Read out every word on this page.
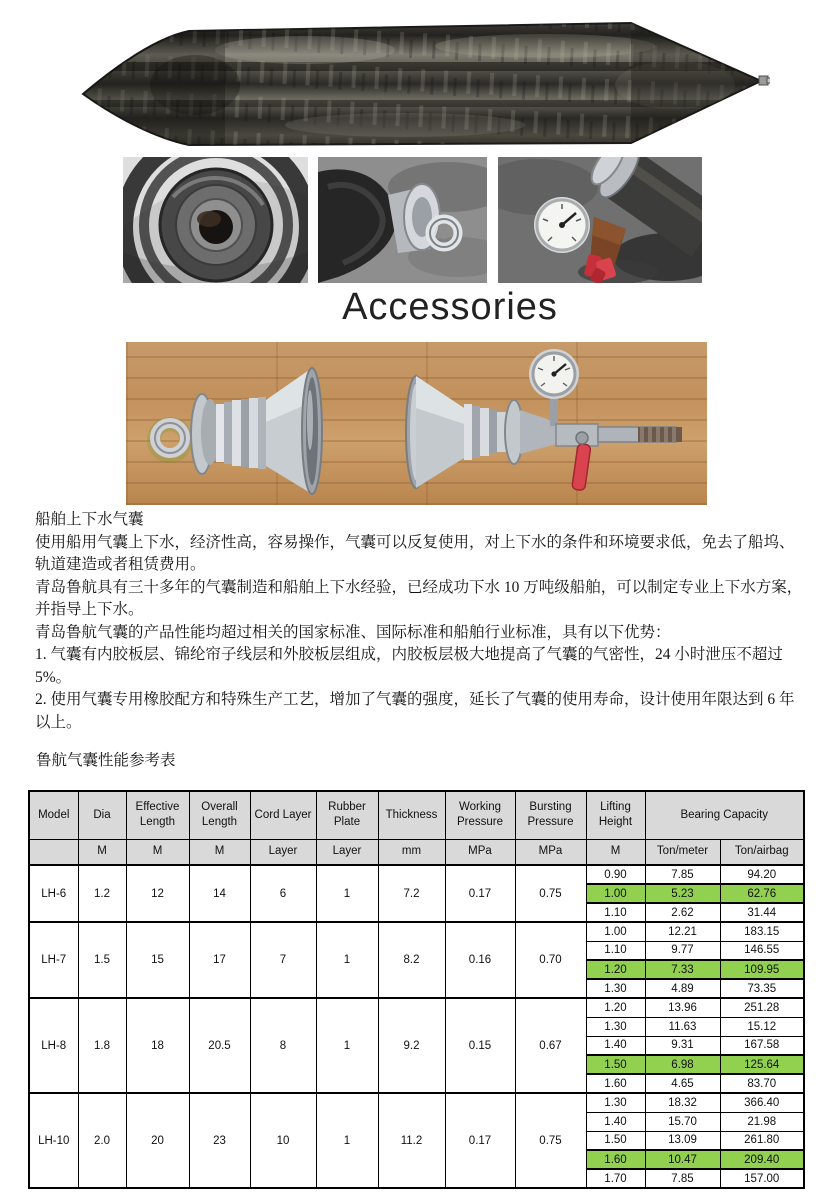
Accessories

船舶上下水气囊

使用船用气囊上下水，经济性高，容易操作，气囊可以反复使用，对上下水的条件和环境要求低，免去了船坞、轨道建造或者租赁费用。

青岛鲁航具有三十多年的气囊制造和船舶上下水经验，已经成功下水 10 万吨级船舶，可以制定专业上下水方案，并指导上下水。

青岛鲁航气囊的产品性能均超过相关的国家标准、国际标准和船舶行业标准，具有以下优势：

1. 气囊有内胶板层、锦纶帘子线层和外胶板层组成，内胶板层极大地提高了气囊的气密性，24 小时泄压不超过 5%。

2. 使用气囊专用橡胶配方和特殊生产工艺，增加了气囊的强度，延长了气囊的使用寿命，设计使用年限达到 6 年以上。

鲁航气囊性能参考表
Model	Dia	Effective Length	Overall Length	Cord Layer	Rubber Plate	Thickness	Working Pressure	Bursting Pressure	Lifting Height	Bearing Capacity	
	M	M	M	Layer	Layer	mm	MPa	MPa	M	Ton/meter	Ton/airbag
LH-6	1.2	12	14	6	1	7.2	0.17	0.75	0.90	7.85	94.20
									1.00	5.23	62.76
									1.10	2.62	31.44
LH-7	1.5	15	17	7	1	8.2	0.16	0.70	1.00	12.21	183.15
									1.10	9.77	146.55
									1.20	7.33	109.95
									1.30	4.89	73.35
LH-8	1.8	18	20.5	8	1	9.2	0.15	0.67	1.20	13.96	251.28
									1.30	11.63	15.12
									1.40	9.31	167.58
									1.50	6.98	125.64
									1.60	4.65	83.70
LH-10	2.0	20	23	10	1	11.2	0.17	0.75	1.30	18.32	366.40
									1.40	15.70	21.98
									1.50	13.09	261.80
									1.60	10.47	209.40
									1.70	7.85	157.00
